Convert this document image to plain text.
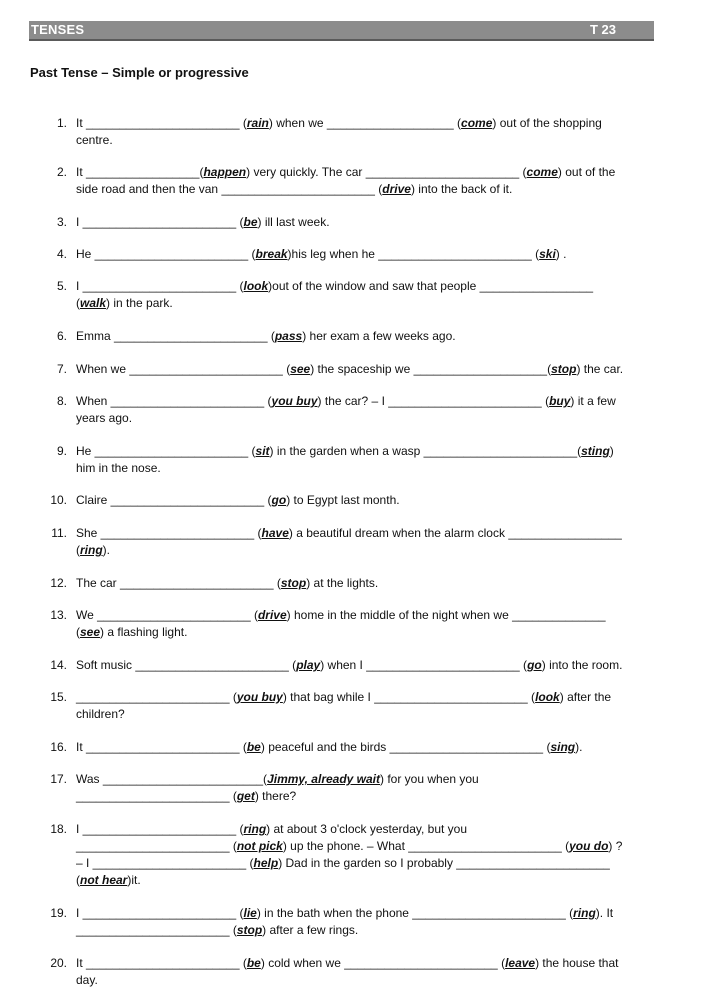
TENSES	T 23
Past Tense – Simple or progressive
1. It _______________________ (rain) when we ___________________ (come) out of the shopping
centre.
2. It _________________(happen) very quickly. The car _______________________ (come) out of the
side road and then the van _______________________ (drive) into the back of it.
3. I _______________________ (be) ill last week.
4. He _______________________ (break)his leg when he _______________________ (ski) .
5. I _______________________ (look)out of the window and saw that people _________________
(walk) in the park.
6. Emma _______________________ (pass) her exam a few weeks ago.
7. When we _______________________ (see) the spaceship we ____________________(stop) the car.
8. When _______________________ (you buy) the car? – I _______________________ (buy) it a few
years ago.
9. He _______________________ (sit) in the garden when a wasp _______________________(sting)
him in the nose.
10. Claire _______________________ (go) to Egypt last month.
11. She _______________________ (have) a beautiful dream when the alarm clock _________________
(ring).
12. The car _______________________ (stop) at the lights.
13. We _______________________ (drive) home in the middle of the night when we ______________
(see) a flashing light.
14. Soft music _______________________ (play) when I _______________________ (go) into the room.
15. _______________________ (you buy) that bag while I _______________________ (look) after the
children?
16. It _______________________ (be) peaceful and the birds _______________________ (sing).
17. Was ________________________(Jimmy, already wait) for you when you
_______________________ (get) there?
18. I _______________________ (ring) at about 3 o'clock yesterday, but you
_______________________ (not pick) up the phone. – What _______________________ (you do) ?
– I _______________________ (help) Dad in the garden so I probably _______________________
(not hear)it.
19. I _______________________ (lie) in the bath when the phone _______________________ (ring). It
_______________________ (stop) after a few rings.
20. It _______________________ (be) cold when we _______________________ (leave) the house that
day.
